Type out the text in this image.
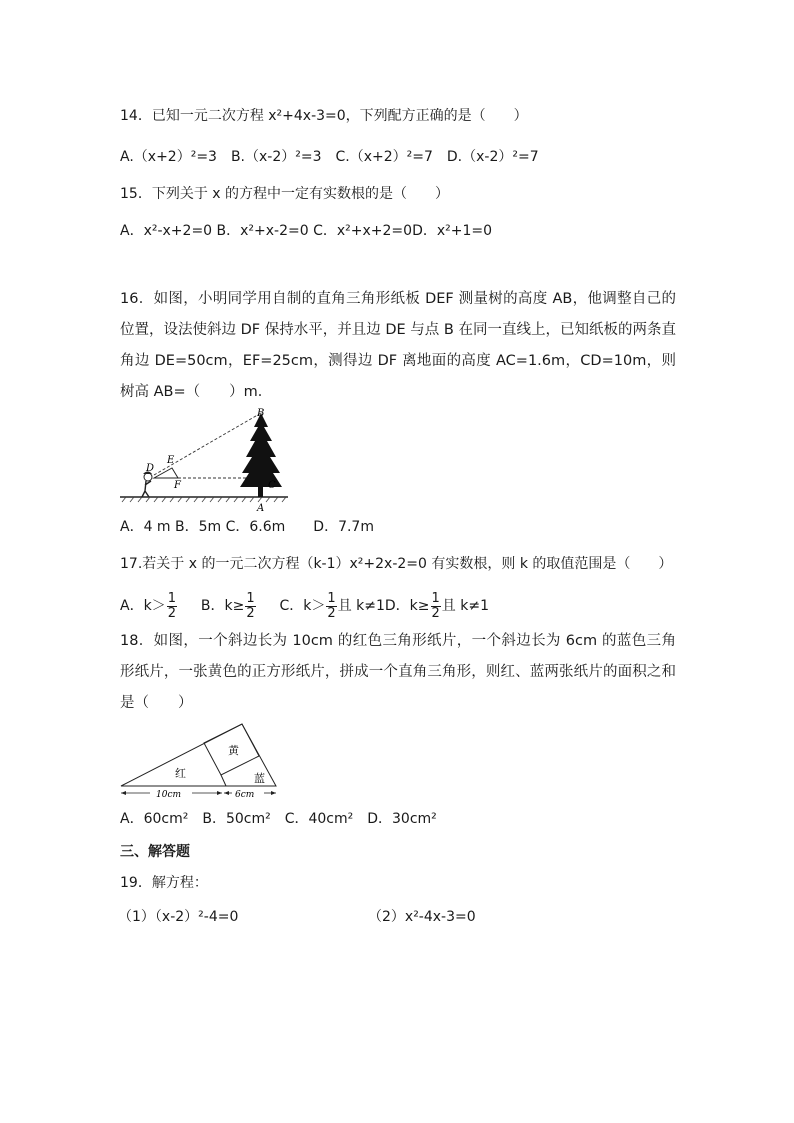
14．已知一元二次方程 x²+4x-3=0，下列配方正确的是（　　）
A.（x+2）²=3　B.（x-2）²=3　C.（x+2）²=7　D.（x-2）²=7
15．下列关于 x 的方程中一定有实数根的是（　　）
A．x²-x+2=0 B．x²+x-2=0 C．x²+x+2=0D．x²+1=0
16．如图，小明同学用自制的直角三角形纸板 DEF 测量树的高度 AB，他调整自己的位置，设法使斜边 DF 保持水平，并且边 DE 与点 B 在同一直线上，已知纸板的两条直角边 DE=50cm，EF=25cm，测得边 DF 离地面的高度 AC=1.6m，CD=10m，则树高 AB=（　　）m．
B
E
D
F	C
A
A．4 m B．5m C．6.6m　　D．7.7m
17.若关于 x 的一元二次方程（k-1）x²+2x-2=0 有实数根，则 k 的取值范围是（　　）
A．$k> \frac{1}{2}$ B．$k\ge \frac{1}{2}$ C．$k> \frac{1}{2}$ 且 k≠1D．$k\ge \frac{1}{2}$ 且 k≠1
18．如图，一个斜边长为 10cm 的红色三角形纸片，一个斜边长为 6cm 的蓝色三角形纸片，一张黄色的正方形纸片，拼成一个直角三角形，则红、蓝两张纸片的面积之和是（　　）
黄
红	蓝
10cm	6cm
A．60cm²　B．50cm²　C．40cm²　D．30cm²
三、解答题
19．解方程：
（1）（x-2）²-4=0	（2）x²-4x-3=0
